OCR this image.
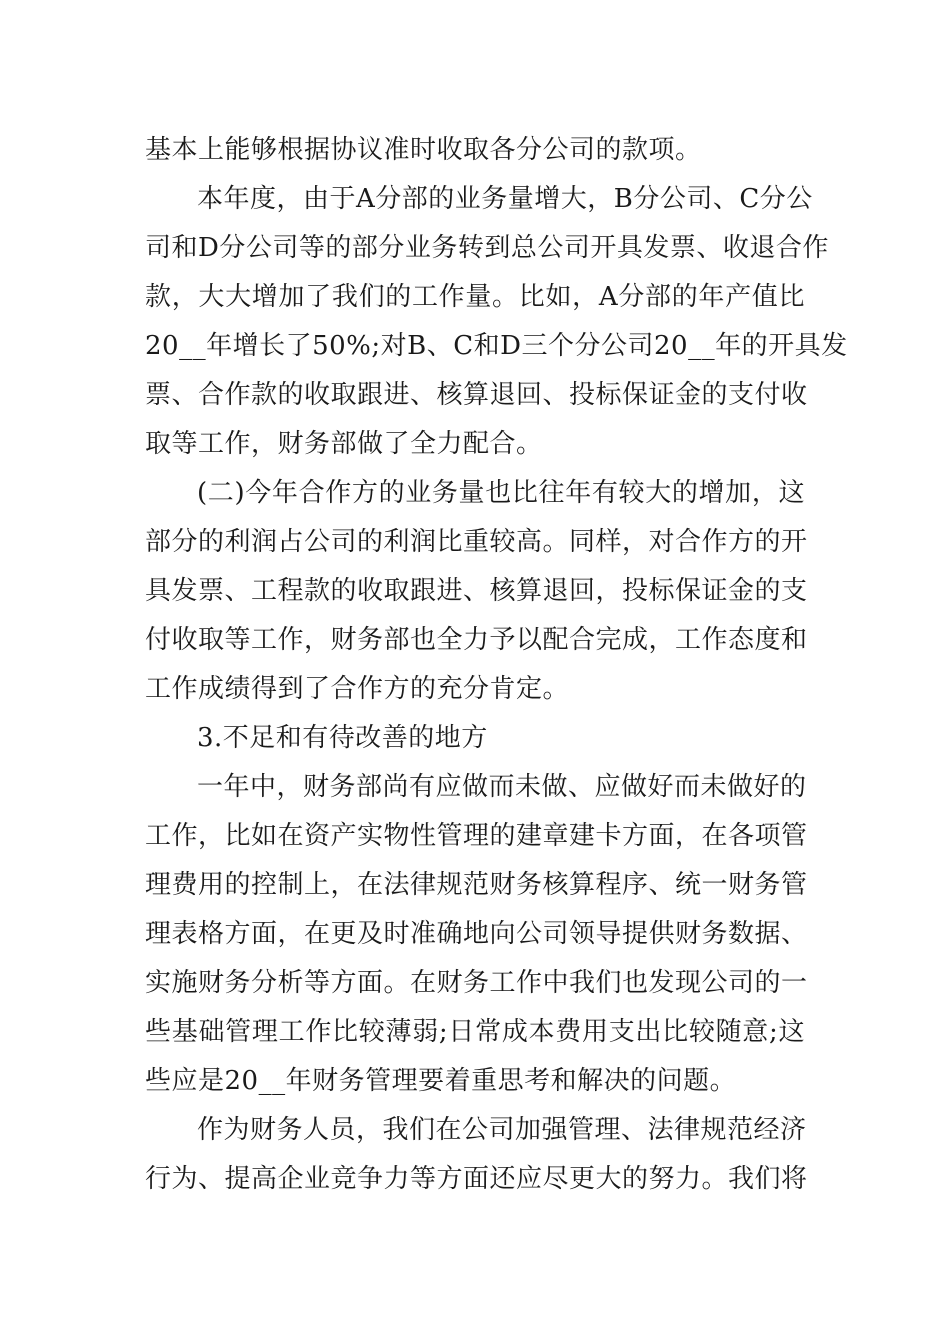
基本上能够根据协议准时收取各分公司的款项。
本年度，由于A分部的业务量增大，B分公司、C分公
司和D分公司等的部分业务转到总公司开具发票、收退合作
款，大大增加了我们的工作量。比如，A分部的年产值比
20__年增长了50%;对B、C和D三个分公司20__年的开具发
票、合作款的收取跟进、核算退回、投标保证金的支付收
取等工作，财务部做了全力配合。
(二)今年合作方的业务量也比往年有较大的增加，这
部分的利润占公司的利润比重较高。同样，对合作方的开
具发票、工程款的收取跟进、核算退回，投标保证金的支
付收取等工作，财务部也全力予以配合完成，工作态度和
工作成绩得到了合作方的充分肯定。
3.不足和有待改善的地方
一年中，财务部尚有应做而未做、应做好而未做好的
工作，比如在资产实物性管理的建章建卡方面，在各项管
理费用的控制上，在法律规范财务核算程序、统一财务管
理表格方面，在更及时准确地向公司领导提供财务数据、
实施财务分析等方面。在财务工作中我们也发现公司的一
些基础管理工作比较薄弱;日常成本费用支出比较随意;这
些应是20__年财务管理要着重思考和解决的问题。
作为财务人员，我们在公司加强管理、法律规范经济
行为、提高企业竞争力等方面还应尽更大的努力。我们将
